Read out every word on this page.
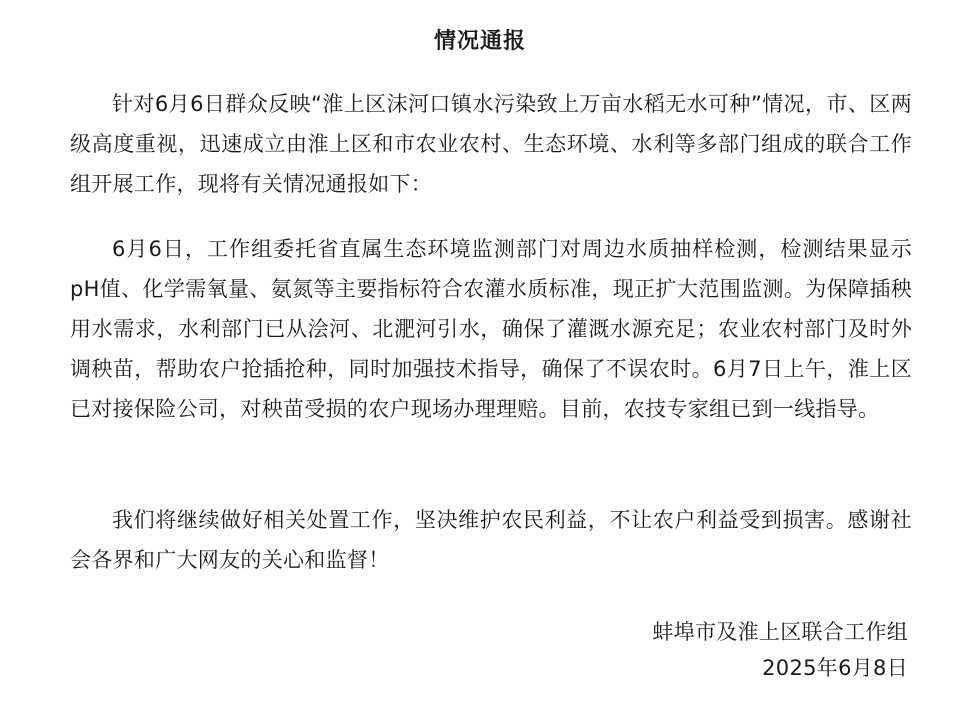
情况通报

针对6月6日群众反映“淮上区沫河口镇水污染致上万亩水稻无水可种”情况，市、区两级高度重视，迅速成立由淮上区和市农业农村、生态环境、水利等多部门组成的联合工作组开展工作，现将有关情况通报如下：

6月6日，工作组委托省直属生态环境监测部门对周边水质抽样检测，检测结果显示pH值、化学需氧量、氨氮等主要指标符合农灌水质标准，现正扩大范围监测。为保障插秧用水需求，水利部门已从浍河、北淝河引水，确保了灌溉水源充足；农业农村部门及时外调秧苗，帮助农户抢插抢种，同时加强技术指导，确保了不误农时。6月7日上午，淮上区已对接保险公司，对秧苗受损的农户现场办理理赔。目前，农技专家组已到一线指导。

我们将继续做好相关处置工作，坚决维护农民利益，不让农户利益受到损害。感谢社会各界和广大网友的关心和监督！

蚌埠市及淮上区联合工作组
2025年6月8日
